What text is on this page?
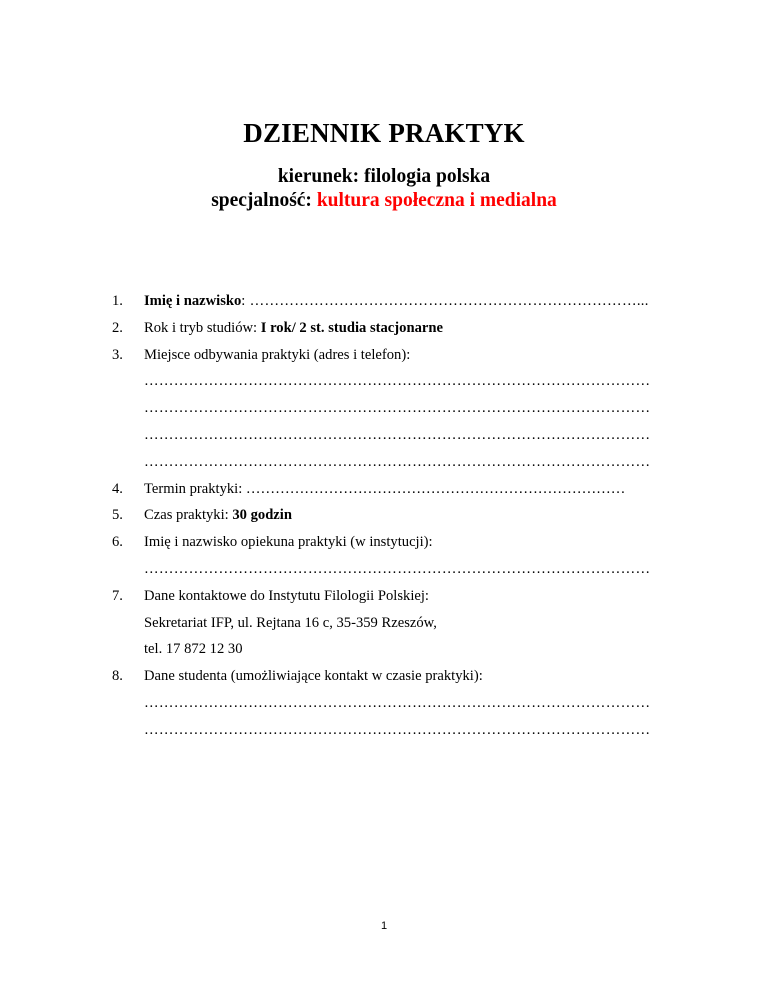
DZIENNIK PRAKTYK
kierunek: filologia polska
specjalność: kultura społeczna i medialna
1. Imię i nazwisko: ……………………………………………………………………...
2. Rok i tryb studiów: I rok/ 2 st. studia stacjonarne
3. Miejsce odbywania praktyki (adres i telefon):
…………………………………………………………………………………………
…………………………………………………………………………………………
…………………………………………………………………………………………
…………………………………………………………………………………………
4. Termin praktyki: ……………………………………………………………………
5. Czas praktyki: 30 godzin
6. Imię i nazwisko opiekuna praktyki (w instytucji):
…………………………………………………………………………………………
7. Dane kontaktowe do Instytutu Filologii Polskiej:
Sekretariat IFP, ul. Rejtana 16 c, 35-359 Rzeszów,
tel. 17 872 12 30
8. Dane studenta (umożliwiające kontakt w czasie praktyki):
…………………………………………………………………………………………
…………………………………………………………………………………………
1
